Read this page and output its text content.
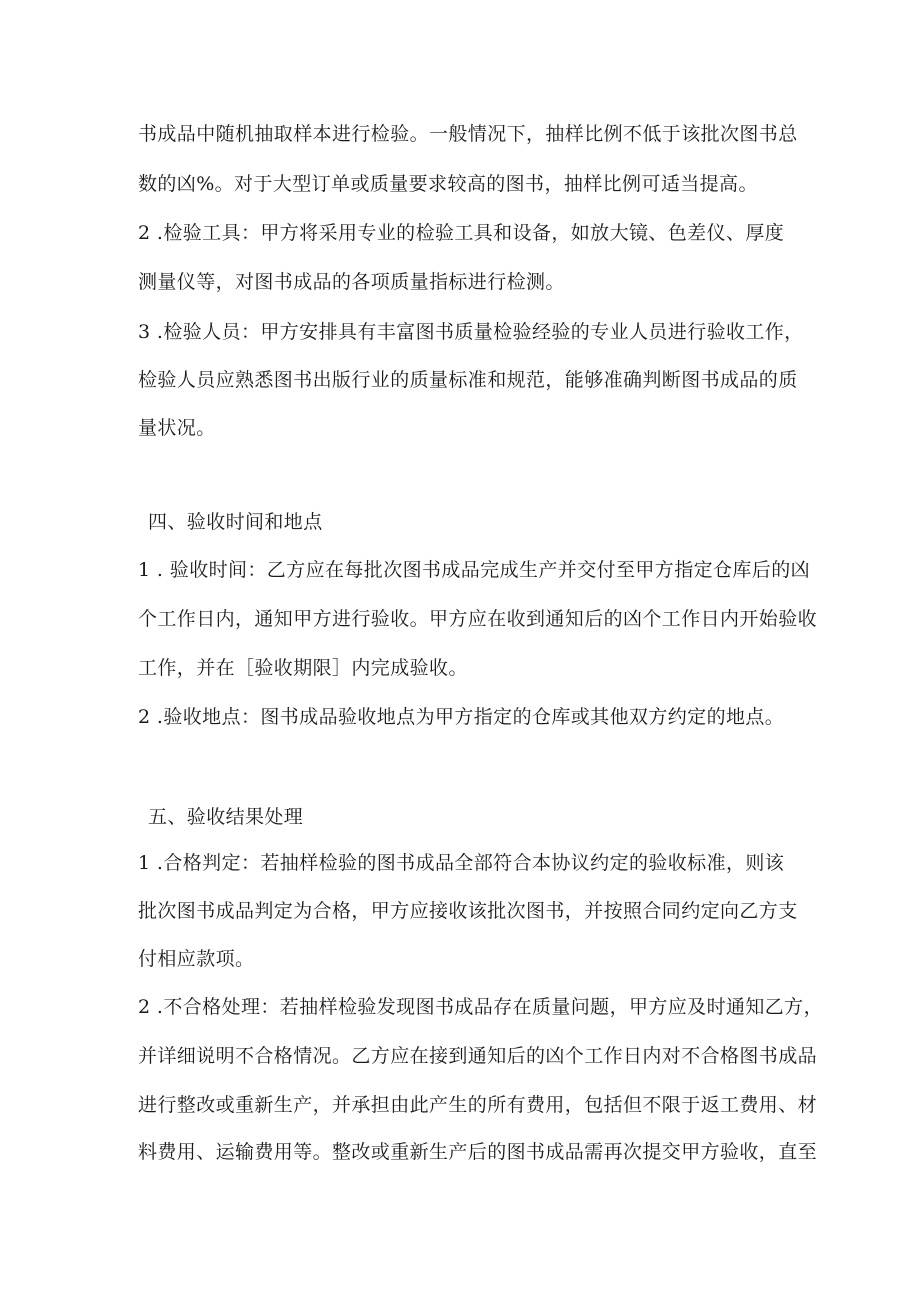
书成品中随机抽取样本进行检验。一般情况下，抽样比例不低于该批次图书总
数的凶%。对于大型订单或质量要求较高的图书，抽样比例可适当提高。
2 .检验工具：甲方将采用专业的检验工具和设备，如放大镜、色差仪、厚度
测量仪等，对图书成品的各项质量指标进行检测。
3 .检验人员：甲方安排具有丰富图书质量检验经验的专业人员进行验收工作，
检验人员应熟悉图书出版行业的质量标准和规范，能够准确判断图书成品的质
量状况。
四、验收时间和地点
1 . 验收时间：乙方应在每批次图书成品完成生产并交付至甲方指定仓库后的凶
个工作日内，通知甲方进行验收。甲方应在收到通知后的凶个工作日内开始验收
工作，并在［验收期限］内完成验收。
2 .验收地点：图书成品验收地点为甲方指定的仓库或其他双方约定的地点。
五、验收结果处理
1 .合格判定：若抽样检验的图书成品全部符合本协议约定的验收标准，则该
批次图书成品判定为合格，甲方应接收该批次图书，并按照合同约定向乙方支
付相应款项。
2 .不合格处理：若抽样检验发现图书成品存在质量问题，甲方应及时通知乙方，
并详细说明不合格情况。乙方应在接到通知后的凶个工作日内对不合格图书成品
进行整改或重新生产，并承担由此产生的所有费用，包括但不限于返工费用、材
料费用、运输费用等。整改或重新生产后的图书成品需再次提交甲方验收，直至
